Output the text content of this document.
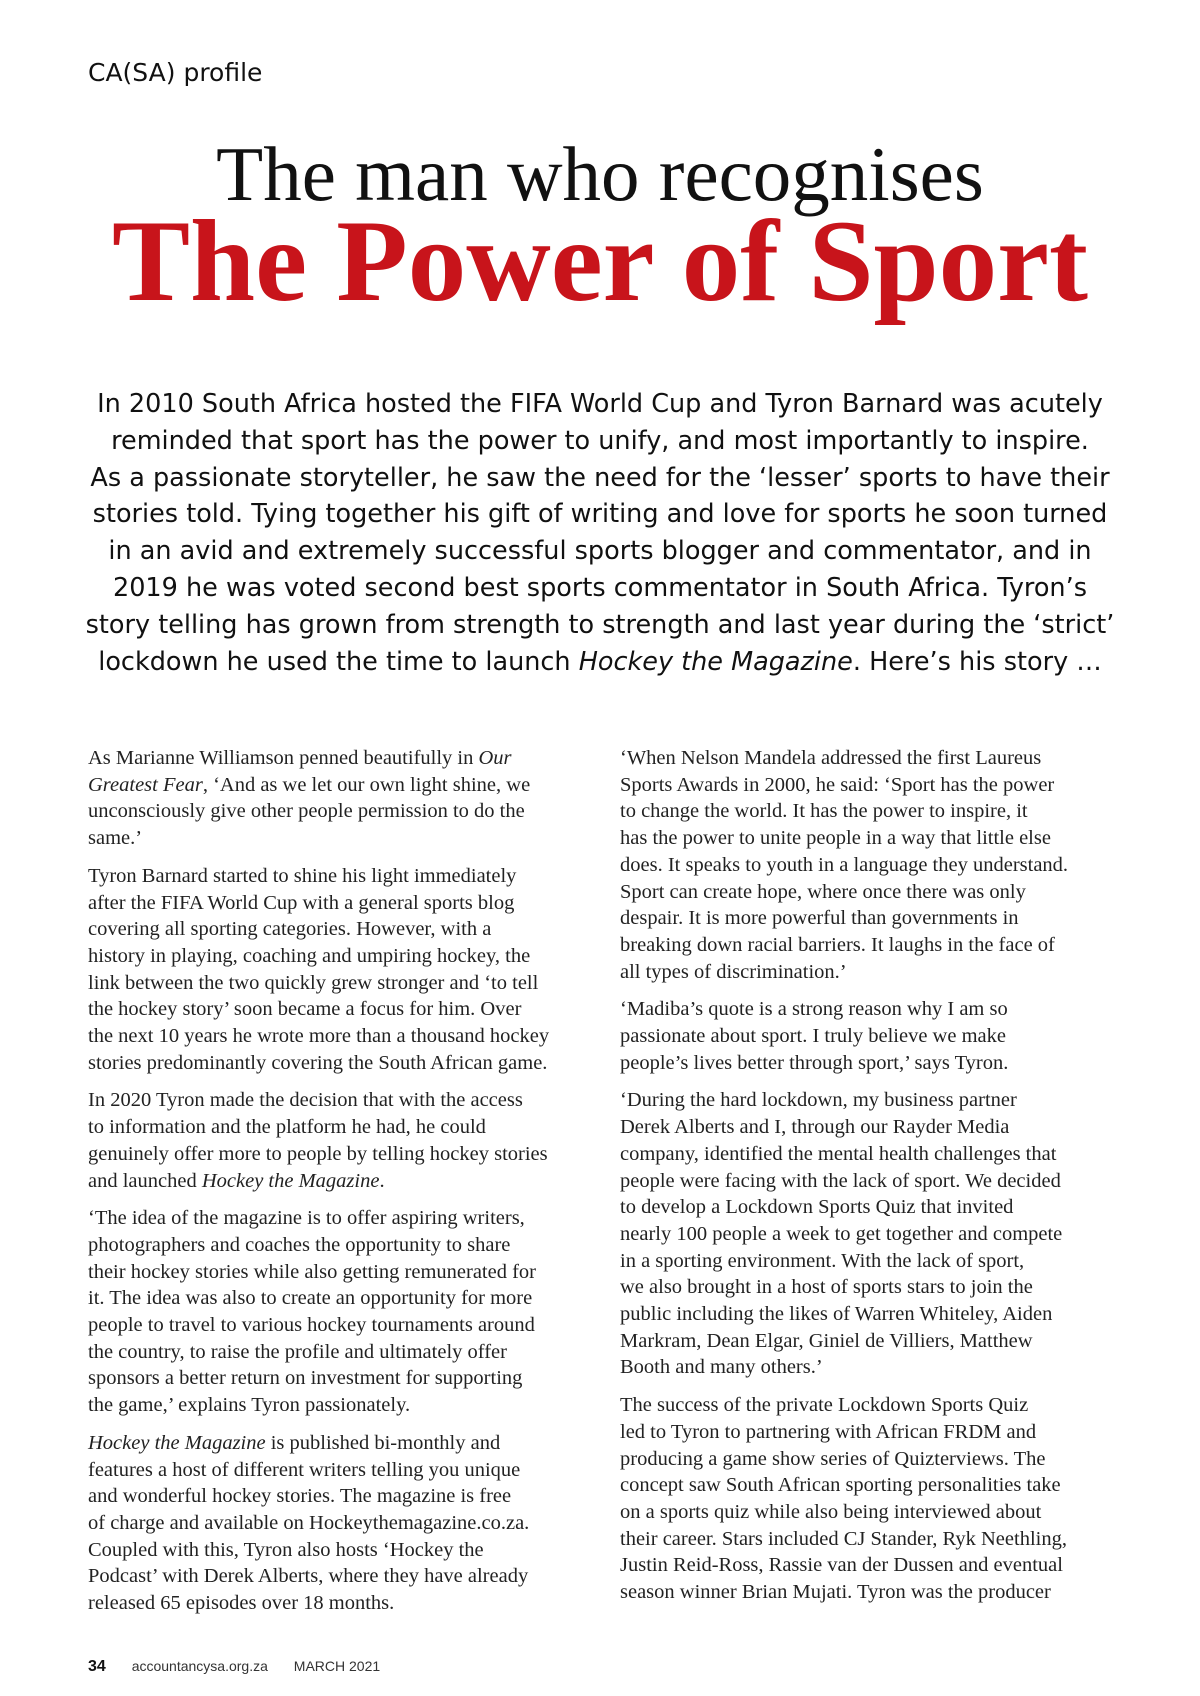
CA(SA) profile
The man who recognises
The Power of Sport
In 2010 South Africa hosted the FIFA World Cup and Tyron Barnard was acutely
reminded that sport has the power to unify, and most importantly to inspire.
As a passionate storyteller, he saw the need for the ‘lesser’ sports to have their
stories told. Tying together his gift of writing and love for sports he soon turned
in an avid and extremely successful sports blogger and commentator, and in
2019 he was voted second best sports commentator in South Africa. Tyron’s
story telling has grown from strength to strength and last year during the ‘strict’
lockdown he used the time to launch Hockey the Magazine. Here’s his story …

As Marianne Williamson penned beautifully in Our
Greatest Fear, ‘And as we let our own light shine, we
unconsciously give other people permission to do the
same.’

Tyron Barnard started to shine his light immediately
after the FIFA World Cup with a general sports blog
covering all sporting categories. However, with a
history in playing, coaching and umpiring hockey, the
link between the two quickly grew stronger and ‘to tell
the hockey story’ soon became a focus for him. Over
the next 10 years he wrote more than a thousand hockey
stories predominantly covering the South African game.

In 2020 Tyron made the decision that with the access
to information and the platform he had, he could
genuinely offer more to people by telling hockey stories
and launched Hockey the Magazine.

‘The idea of the magazine is to offer aspiring writers,
photographers and coaches the opportunity to share
their hockey stories while also getting remunerated for
it. The idea was also to create an opportunity for more
people to travel to various hockey tournaments around
the country, to raise the profile and ultimately offer
sponsors a better return on investment for supporting
the game,’ explains Tyron passionately.

Hockey the Magazine is published bi-monthly and
features a host of different writers telling you unique
and wonderful hockey stories. The magazine is free
of charge and available on Hockeythemagazine.co.za.
Coupled with this, Tyron also hosts ‘Hockey the
Podcast’ with Derek Alberts, where they have already
released 65 episodes over 18 months.

‘When Nelson Mandela addressed the first Laureus
Sports Awards in 2000, he said: ‘Sport has the power
to change the world. It has the power to inspire, it
has the power to unite people in a way that little else
does. It speaks to youth in a language they understand.
Sport can create hope, where once there was only
despair. It is more powerful than governments in
breaking down racial barriers. It laughs in the face of
all types of discrimination.’

‘Madiba’s quote is a strong reason why I am so
passionate about sport. I truly believe we make
people’s lives better through sport,’ says Tyron.

‘During the hard lockdown, my business partner
Derek Alberts and I, through our Rayder Media
company, identified the mental health challenges that
people were facing with the lack of sport. We decided
to develop a Lockdown Sports Quiz that invited
nearly 100 people a week to get together and compete
in a sporting environment. With the lack of sport,
we also brought in a host of sports stars to join the
public including the likes of Warren Whiteley, Aiden
Markram, Dean Elgar, Giniel de Villiers, Matthew
Booth and many others.’

The success of the private Lockdown Sports Quiz
led to Tyron to partnering with African FRDM and
producing a game show series of Quizterviews. The
concept saw South African sporting personalities take
on a sports quiz while also being interviewed about
their career. Stars included CJ Stander, Ryk Neethling,
Justin Reid-Ross, Rassie van der Dussen and eventual
season winner Brian Mujati. Tyron was the producer

34 accountancysa.org.za MARCH 2021
